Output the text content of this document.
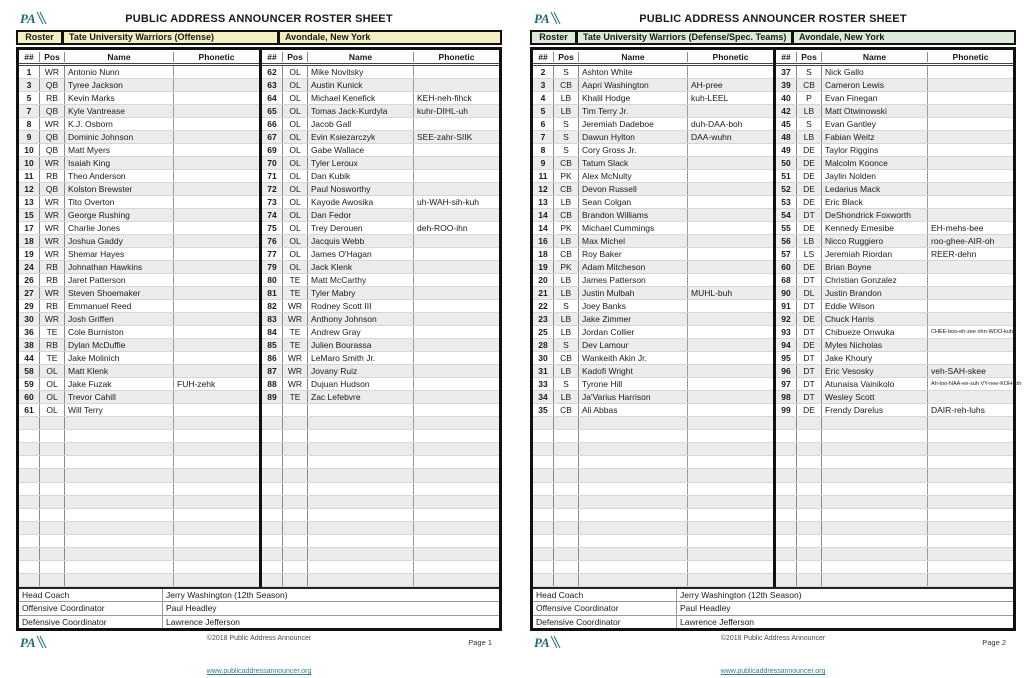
PA	PUBLIC ADDRESS ANNOUNCER ROSTER SHEET
Roster	Tate University Warriors (Offense)	Avondale, New York
##	Pos	Name	Phonetic
1	WR	Antonio Nunn
3	QB	Tyree Jackson
5	RB	Kevin Marks
7	QB	Kyle Vantrease
8	WR	K.J. Osborn
9	QB	Dominic Johnson
10	QB	Matt Myers
10	WR	Isaiah King
11	RB	Theo Anderson
12	QB	Kolston Brewster
13	WR	Tito Overton
15	WR	George Rushing
17	WR	Charlie Jones
18	WR	Joshua Gaddy
19	WR	Shemar Hayes
24	RB	Johnathan Hawkins
26	RB	Jaret Patterson
27	WR	Steven Shoemaker
29	RB	Emmanuel Reed
30	WR	Josh Griffen
36	TE	Cole Burniston
38	RB	Dylan McDuffie
44	TE	Jake Molinich
58	OL	Matt Klenk
59	OL	Jake Fuzak	FUH-zehk
60	OL	Trevor Cahill
61	OL	Will Terry
##	Pos	Name	Phonetic
62	OL	Mike Novitsky
63	OL	Austin Kunick
64	OL	Michael Kenefick	KEH-neh-fihck
65	OL	Tomas Jack-Kurdyla	kuhr-DIHL-uh
66	OL	Jacob Gall
67	OL	Evin Ksiezarczyk	SEE-zahr-SIIK
69	OL	Gabe Wallace
70	OL	Tyler Leroux
71	OL	Dan Kubik
72	OL	Paul Nosworthy
73	OL	Kayode Awosika	uh-WAH-sih-kuh
74	OL	Dan Fedor
75	OL	Trey Derouen	deh-ROO-ihn
76	OL	Jacquis Webb
77	OL	James O'Hagan
79	OL	Jack Klenk
80	TE	Matt McCarthy
81	TE	Tyler Mabry
82	WR	Rodney Scott III
83	WR	Anthony Johnson
84	TE	Andrew Gray
85	TE	Julien Bourassa
86	WR	LeMaro Smith Jr.
87	WR	Jovany Ruiz
88	WR	Dujuan Hudson
89	TE	Zac Lefebvre
Head Coach	Jerry Washington (12th Season)
Offensive Coordinator	Paul Headley
Defensive Coordinator	Lawrence Jefferson
PA	©2018 Public Address Announcer

www.publicaddressannouncer.org
Page 1
PA	PUBLIC ADDRESS ANNOUNCER ROSTER SHEET
Roster	Tate University Warriors (Defense/Spec. Teams)	Avondale, New York
##	Pos	Name	Phonetic
2	S	Ashton White
3	CB	Aapri Washington	AH-pree
4	LB	Khalil Hodge	kuh-LEEL
5	LB	Tim Terry Jr.
6	S	Jeremiah Dadeboe	duh-DAA-boh
7	S	Dawun Hylton	DAA-wuhn
8	S	Cory Gross Jr.
9	CB	Tatum Slack
11	PK	Alex McNulty
12	CB	Devon Russell
13	LB	Sean Colgan
14	CB	Brandon Williams
14	PK	Michael Cummings
16	LB	Max Michel
18	CB	Roy Baker
19	PK	Adam Mitcheson
20	LB	James Patterson
21	LB	Justin Mulbah	MUHL-buh
22	S	Joey Banks
23	LB	Jake Zimmer
25	LB	Jordan Collier
28	S	Dev Lamour
30	CB	Wankeith Akin Jr.
31	LB	Kadofi Wright
33	S	Tyrone Hill
34	LB	Ja'Varius Harrison
35	CB	Ali Abbas
##	Pos	Name	Phonetic
37	S	Nick Gallo
39	CB	Cameron Lewis
40	P	Evan Finegan
42	LB	Matt Otwinowski
45	S	Evan Gantley
48	LB	Fabian Weitz
49	DE	Taylor Riggins
50	DE	Malcolm Koonce
51	DE	Jaylin Nolden
52	DE	Ledarius Mack
53	DE	Eric Black
54	DT	DeShondrick Foxworth
55	DE	Kennedy Emesibe	EH-mehs-bee
56	LB	Nicco Ruggiero	roo-ghee-AIR-oh
57	LS	Jeremiah Riordan	REER-dehn
60	DE	Brian Boyne
68	DT	Christian Gonzalez
90	DL	Justin Brandon
91	DT	Eddie Wilson
92	DE	Chuck Harris
93	DT	Chibueze Onwuka	CHEE-boo-eh-zee ohn-WOO-kuh
94	DE	Myles Nicholas
95	DT	Jake Khoury
96	DT	Eric Vesosky	veh-SAH-skee
97	DT	Atunaisa Vainikolo	Ah-too-NAA-ee-suh VY-nee-KOH-loh
98	DT	Wesley Scott
99	DE	Frendy Darelus	DAIR-reh-luhs
Head Coach	Jerry Washington (12th Season)
Offensive Coordinator	Paul Headley
Defensive Coordinator	Lawrence Jefferson
PA	©2018 Public Address Announcer

www.publicaddressannouncer.org
Page 2
